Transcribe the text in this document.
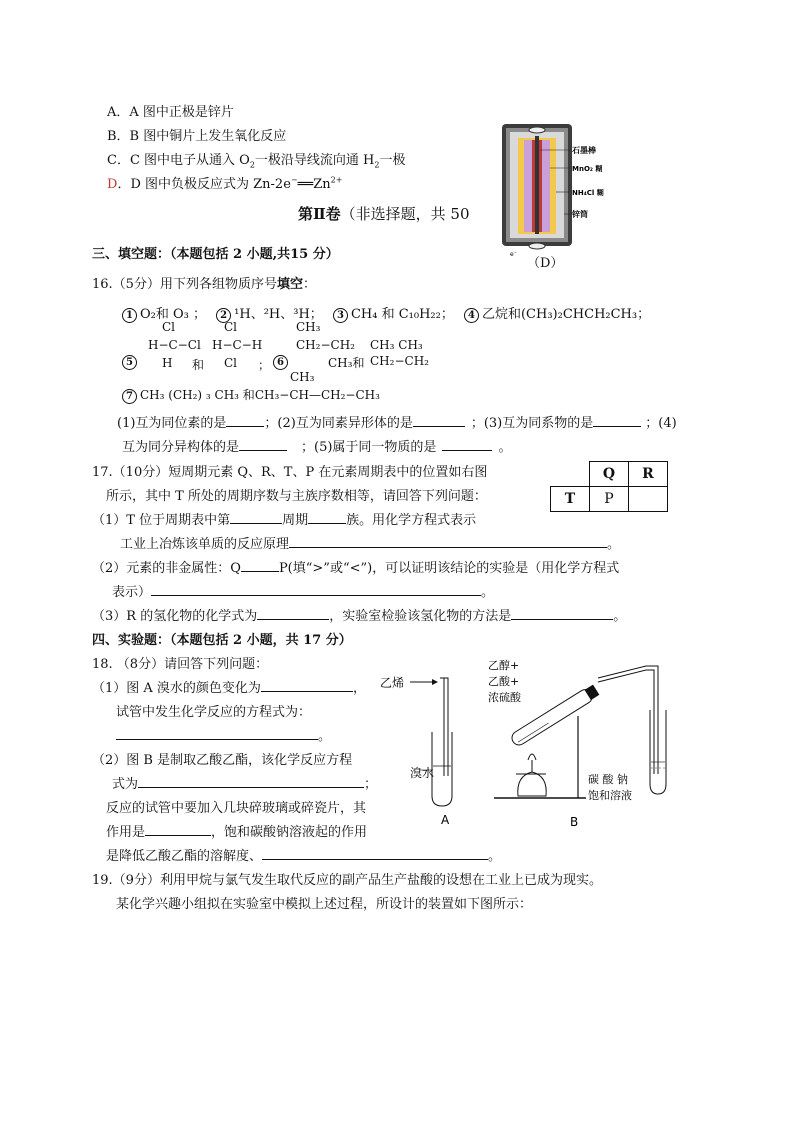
A．A 图中正极是锌片
B．B 图中铜片上发生氧化反应
C．C 图中电子从通入 $O_2$一极沿导线流向通 $H_2$一极
D．D 图中负极反应式为 $Zn-2e^-══Zn^{2+}$
e⁻
石墨棒
MnO₂ 糊
NH₄Cl 糊
锌筒
（D）
第Ⅱ卷（非选择题，共 50
三、填空题：（本题包括 2 小题,共15 分）
16.（5分）用下列各组物质序号填空：
1 O₂和 O₃ ； 2 ¹H、²H、³H； 3 CH₄ 和 C₁₀H₂₂； 4 乙烷和(CH₃)₂CHCH₂CH₃；
Cl
H−C−Cl
H
5	和
Cl
H−C−H
Cl ； 6
CH₃
CH₂−CH₂
CH₃和
CH₃ CH₃
CH₂−CH₂
CH₃
7 CH₃ (CH₂) ₃ CH₃ 和CH₃−CH—CH₂−CH₃
(1)互为同位素的是	；(2)互为同素异形体的是	；(3)互为同系物的是	；(4)
互为同分异构体的是	；(5)属于同一物质的是	。
17.（10分）短周期元素 Q、R、T、P 在元素周期表中的位置如右图
所示，其中 T 所处的周期序数与主族序数相等，请回答下列问题：
	Q	R
T	P	
（1）T 位于周期表中第	周期	族。用化学方程式表示
工业上冶炼该单质的反应原理	。
（2）元素的非金属性：Q	P(填“>”或“<”)，可以证明该结论的实验是（用化学方程式
表示）	。
（3）R 的氢化物的化学式为	，实验室检验该氢化物的方法是	。
四、实验题：（本题包括 2 小题，共 17 分）
18. （8分）请回答下列问题：
（1）图 A 溴水的颜色变化为	，
试管中发生化学反应的方程式为：
。
（2）图 B 是制取乙酸乙酯，该化学反应方程
式为	；
反应的试管中要加入几块碎玻璃或碎瓷片，其
作用是	，饱和碳酸钠溶液起的作用
是降低乙酸乙酯的溶解度、	。
乙烯
溴水
A
乙醇+
乙酸+
浓硫酸
碳 酸 钠
饱和溶液
B
19.（9分）利用甲烷与氯气发生取代反应的副产品生产盐酸的设想在工业上已成为现实。
某化学兴趣小组拟在实验室中模拟上述过程，所设计的装置如下图所示：
